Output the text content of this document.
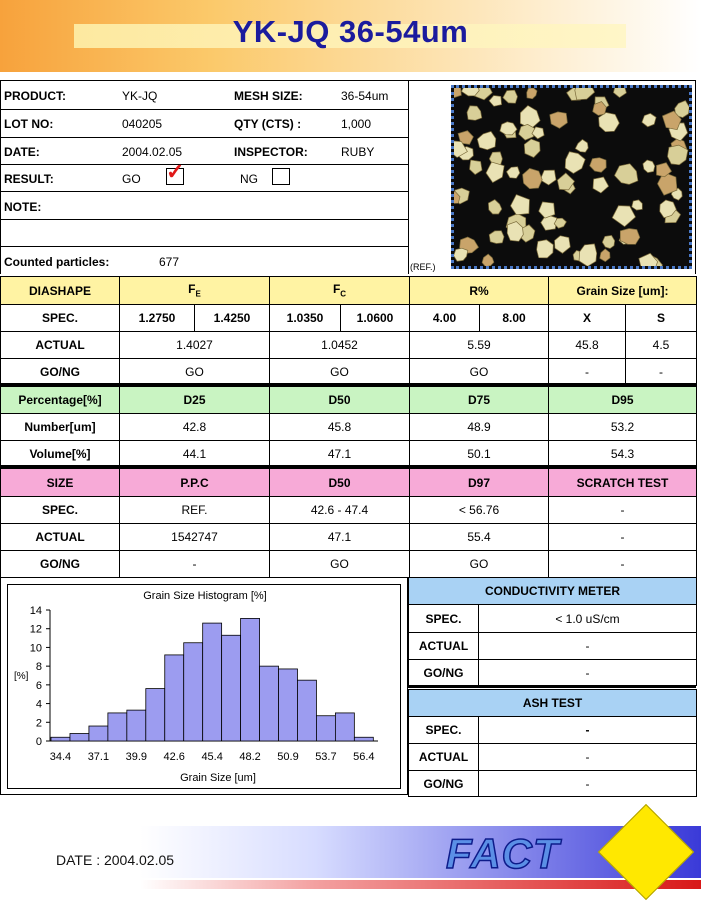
YK-JQ 36-54um
PRODUCT:	YK-JQ	MESH SIZE:	36-54um
LOT NO:	040205	QTY (CTS) :	1,000
DATE:	2004.02.05	INSPECTOR:	RUBY
RESULT:	GO ✓	NG
NOTE:
Counted particles:	677	(REF.)
DIASHAPE	$F_E$		$F_C$		R%		Grain Size [um]:	
SPEC.	1.2750	1.4250	1.0350	1.0600	4.00	8.00	X	S
ACTUAL	1.4027		1.0452		5.59		45.8	4.5
GO/NG	GO		GO		GO		-	-
Percentage[%]	D25	D50	D75	D95
Number[um]	42.8	45.8	48.9	53.2
Volume[%]	44.1	47.1	50.1	54.3
SIZE	P.P.C	D50	D97	SCRATCH TEST
SPEC.	REF.	42.6 - 47.4	< 56.76	-
ACTUAL	1542747	47.1	55.4	-
GO/NG	-	GO	GO	-
Grain Size Histogram [%]
[%]
Grain Size [um]
0
2
4
6
8
10
12
14
34.4 37.1 39.9 42.6 45.4 48.2 50.9 53.7 56.4
CONDUCTIVITY METER	
SPEC.	< 1.0 uS/cm
ACTUAL	-
GO/NG	-
ASH TEST	
SPEC.	-
ACTUAL	-
GO/NG	-
DATE : 2004.02.05	FACT
